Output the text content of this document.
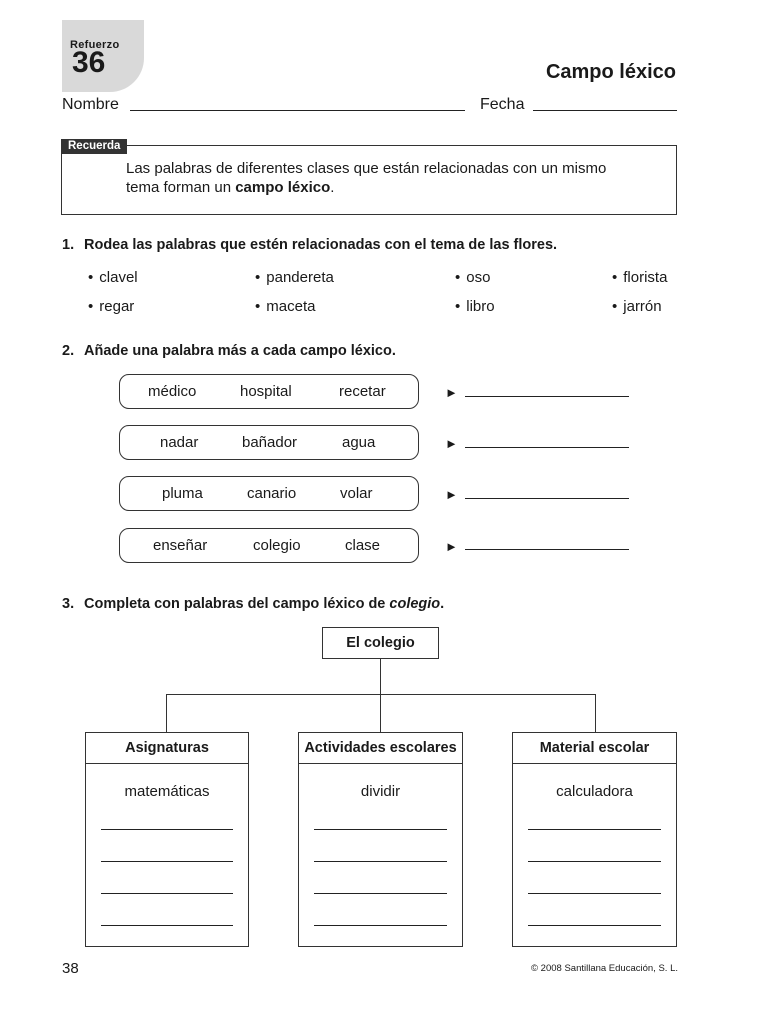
Refuerzo
36	Campo léxico
Nombre	Fecha
Recuerda
Las palabras de diferentes clases que están relacionadas con un mismo
tema forman un campo léxico.
1. Rodea las palabras que estén relacionadas con el tema de las flores.
• clavel	• pandereta	• oso	• florista
• regar	• maceta	• libro	• jarrón
2. Añade una palabra más a cada campo léxico.
médico	hospital	recetar	►
nadar	bañador	agua	►
pluma	canario	volar	►
enseñar	colegio	clase	►
3. Completa con palabras del campo léxico de colegio.
El colegio
Asignaturas
matemáticas
Actividades escolares
dividir
Material escolar
calculadora
38	© 2008 Santillana Educación, S. L.
